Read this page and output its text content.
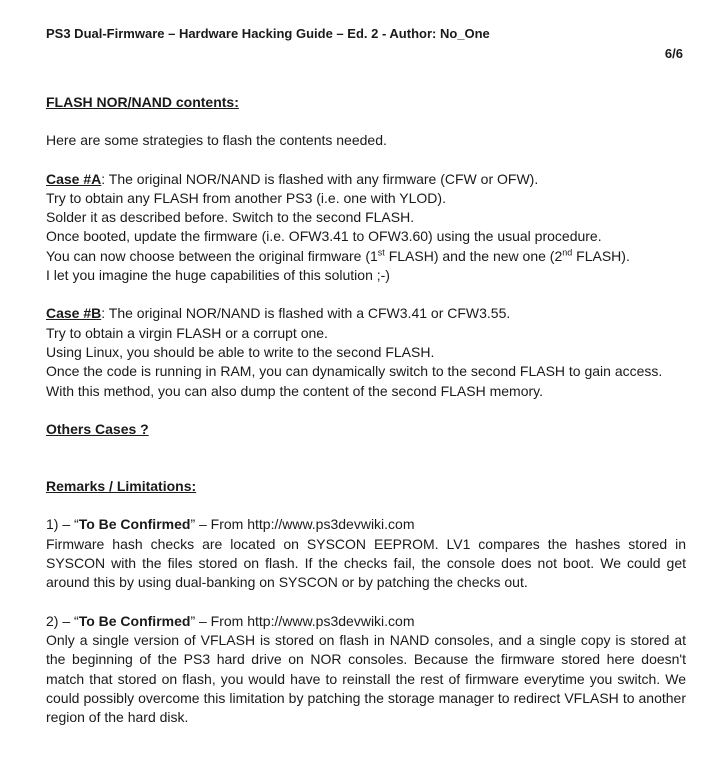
PS3 Dual-Firmware – Hardware Hacking Guide – Ed. 2 - Author: No_One
6/6

FLASH NOR/NAND contents:

Here are some strategies to flash the contents needed.

Case #A: The original NOR/NAND is flashed with any firmware (CFW or OFW).

Try to obtain any FLASH from another PS3 (i.e. one with YLOD).

Solder it as described before. Switch to the second FLASH.

Once booted, update the firmware (i.e. OFW3.41 to OFW3.60) using the usual procedure.

You can now choose between the original firmware (1st FLASH) and the new one (2nd FLASH).

I let you imagine the huge capabilities of this solution ;-)

Case #B: The original NOR/NAND is flashed with a CFW3.41 or CFW3.55.

Try to obtain a virgin FLASH or a corrupt one.

Using Linux, you should be able to write to the second FLASH.

Once the code is running in RAM, you can dynamically switch to the second FLASH to gain access.

With this method, you can also dump the content of the second FLASH memory.

Others Cases ?

Remarks / Limitations:

1) – “To Be Confirmed” – From http://www.ps3devwiki.com

Firmware hash checks are located on SYSCON EEPROM. LV1 compares the hashes stored in SYSCON with the files stored on flash. If the checks fail, the console does not boot. We could get around this by using dual-banking on SYSCON or by patching the checks out.

2) – “To Be Confirmed” – From http://www.ps3devwiki.com

Only a single version of VFLASH is stored on flash in NAND consoles, and a single copy is stored at the beginning of the PS3 hard drive on NOR consoles. Because the firmware stored here doesn't match that stored on flash, you would have to reinstall the rest of firmware everytime you switch. We could possibly overcome this limitation by patching the storage manager to redirect VFLASH to another region of the hard disk.
